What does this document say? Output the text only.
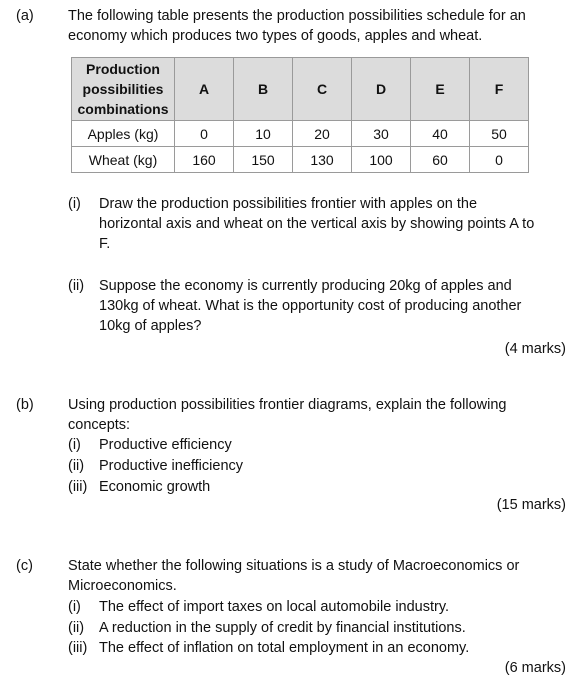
(a) The following table presents the production possibilities schedule for an
economy which produces two types of goods, apples and wheat.
Production
possibilities
combinations	A	B	C	D	E	F
Apples (kg)	0	10	20	30	40	50
Wheat (kg)	160	150	130	100	60	0
(i) Draw the production possibilities frontier with apples on the
horizontal axis and wheat on the vertical axis by showing points A to
F.
(ii) Suppose the economy is currently producing 20kg of apples and
130kg of wheat. What is the opportunity cost of producing another
10kg of apples?
(4 marks)
(b) Using production possibilities frontier diagrams, explain the following
concepts:
(i) Productive efficiency
(ii) Productive inefficiency
(iii) Economic growth
(15 marks)
(c) State whether the following situations is a study of Macroeconomics or
Microeconomics.
(i) The effect of import taxes on local automobile industry.
(ii) A reduction in the supply of credit by financial institutions.
(iii) The effect of inflation on total employment in an economy.
(6 marks)
